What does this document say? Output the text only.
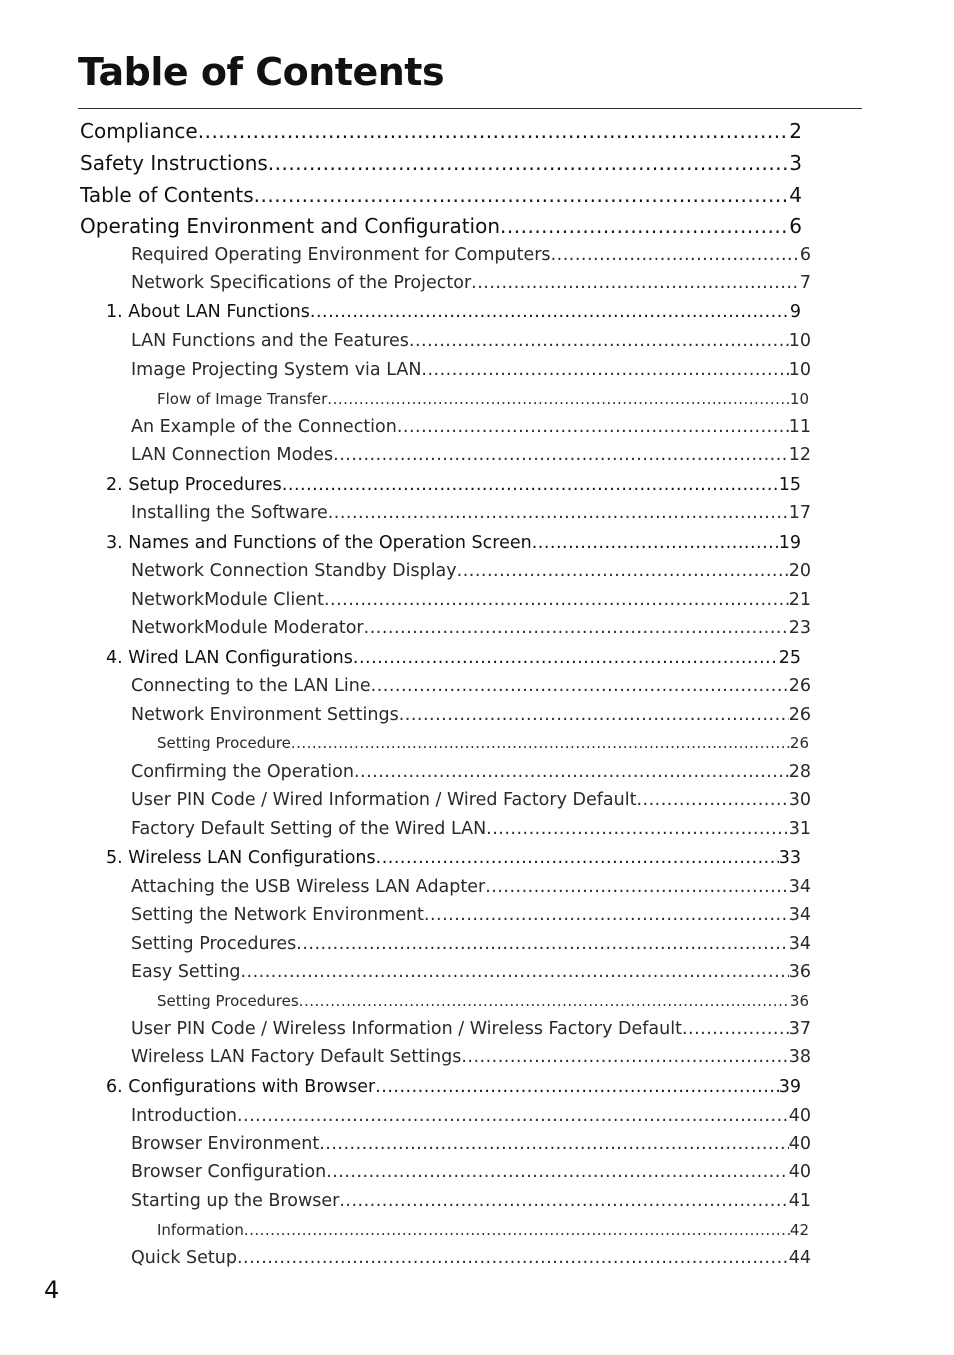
Table of Contents
Compliance .....	2
Safety Instructions .....	3
Table of Contents .....	4
Operating Environment and Configuration .....	6
Required Operating Environment for Computers .....	6
Network Specifications of the Projector .....	7
1. About LAN Functions .....	9
LAN Functions and the Features .....	10
Image Projecting System via LAN .....	10
Flow of Image Transfer .....	10
An Example of the Connection .....	11
LAN Connection Modes .....	12
2. Setup Procedures .....	15
Installing the Software .....	17
3. Names and Functions of the Operation Screen .....	19
Network Connection Standby Display .....	20
NetworkModule Client .....	21
NetworkModule Moderator .....	23
4. Wired LAN Configurations .....	25
Connecting to the LAN Line .....	26
Network Environment Settings .....	26
Setting Procedure .....	26
Confirming the Operation .....	28
User PIN Code / Wired Information / Wired Factory Default .....	30
Factory Default Setting of the Wired LAN .....	31
5. Wireless LAN Configurations .....	33
Attaching the USB Wireless LAN Adapter .....	34
Setting the Network Environment .....	34
Setting Procedures .....	34
Easy Setting .....	36
Setting Procedures .....	36
User PIN Code / Wireless Information / Wireless Factory Default .....	37
Wireless LAN Factory Default Settings .....	38
6. Configurations with Browser .....	39
Introduction .....	40
Browser Environment .....	40
Browser Configuration .....	40
Starting up the Browser .....	41
Information .....	42
Quick Setup .....	44
4
